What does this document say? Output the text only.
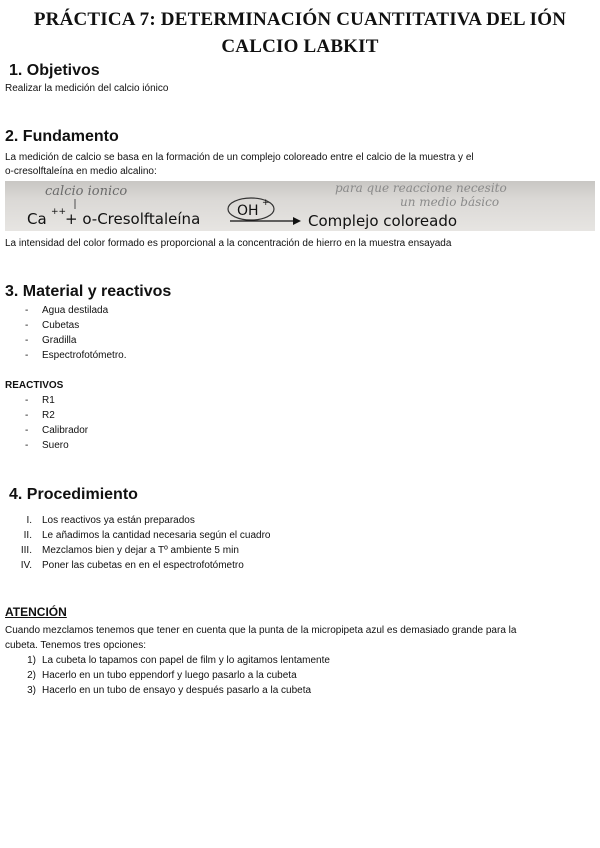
PRÁCTICA 7: DETERMINACIÓN CUANTITATIVA DEL IÓN
CALCIO LABKIT
1. Objetivos
Realizar la medición del calcio iónico
2. Fundamento
La medición de calcio se basa en la formación de un complejo coloreado entre el calcio de la muestra y el
o-cresolftaleína en medio alcalino:
calcio ionico	para que reaccione necesito
un medio básico
Ca ++
+ o-Cresolftaleína	OH +
Complejo coloreado
La intensidad del color formado es proporcional a la concentración de hierro en la muestra ensayada
3. Material y reactivos
-	Agua destilada
-	Cubetas
-	Gradilla
-	Espectrofotómetro.
REACTIVOS
-	R1
-	R2
-	Calibrador
-	Suero
4. Procedimiento
I. Los reactivos ya están preparados
II. Le añadimos la cantidad necesaria según el cuadro
III. Mezclamos bien y dejar a Tº ambiente 5 min
IV. Poner las cubetas en en el espectrofotómetro
ATENCIÓN
Cuando mezclamos tenemos que tener en cuenta que la punta de la micropipeta azul es demasiado grande para la
cubeta. Tenemos tres opciones:
1) La cubeta lo tapamos con papel de film y lo agitamos lentamente
2) Hacerlo en un tubo eppendorf y luego pasarlo a la cubeta
3) Hacerlo en un tubo de ensayo y después pasarlo a la cubeta
